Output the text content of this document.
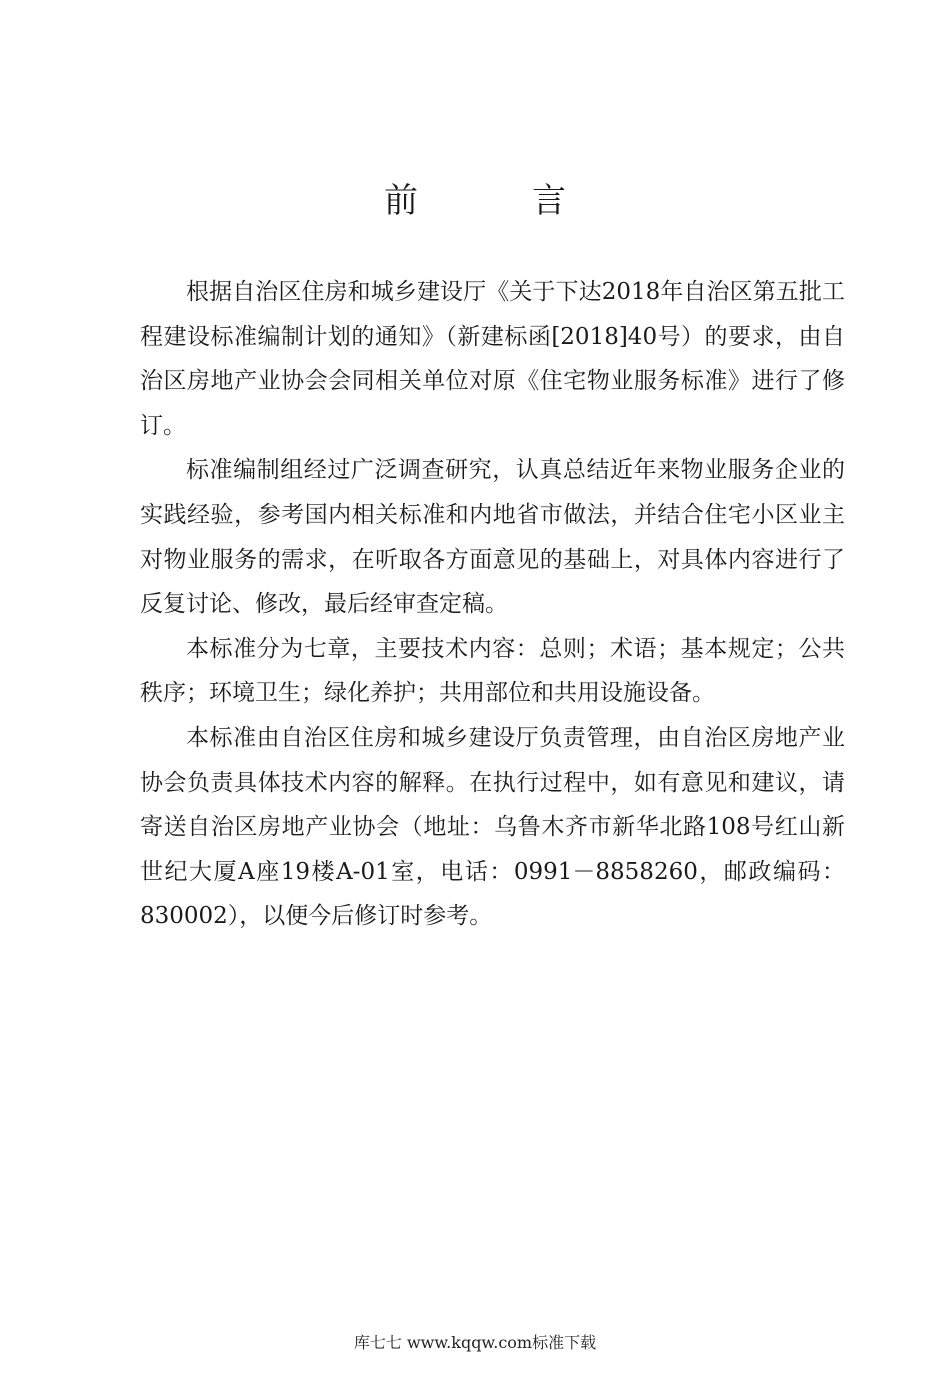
前　言

根据自治区住房和城乡建设厅《关于下达2018年自治区第五批工程建设标准编制计划的通知》（新建标函[2018]40号）的要求，由自治区房地产业协会会同相关单位对原《住宅物业服务标准》进行了修订。

标准编制组经过广泛调查研究，认真总结近年来物业服务企业的实践经验，参考国内相关标准和内地省市做法，并结合住宅小区业主对物业服务的需求，在听取各方面意见的基础上，对具体内容进行了反复讨论、修改，最后经审查定稿。

本标准分为七章，主要技术内容：总则；术语；基本规定；公共秩序；环境卫生；绿化养护；共用部位和共用设施设备。

本标准由自治区住房和城乡建设厅负责管理，由自治区房地产业协会负责具体技术内容的解释。在执行过程中，如有意见和建议，请寄送自治区房地产业协会（地址：乌鲁木齐市新华北路108号红山新世纪大厦A座19楼A-01室，电话：0991－8858260，邮政编码：830002），以便今后修订时参考。

库七七 www.kqqw.com标准下载
